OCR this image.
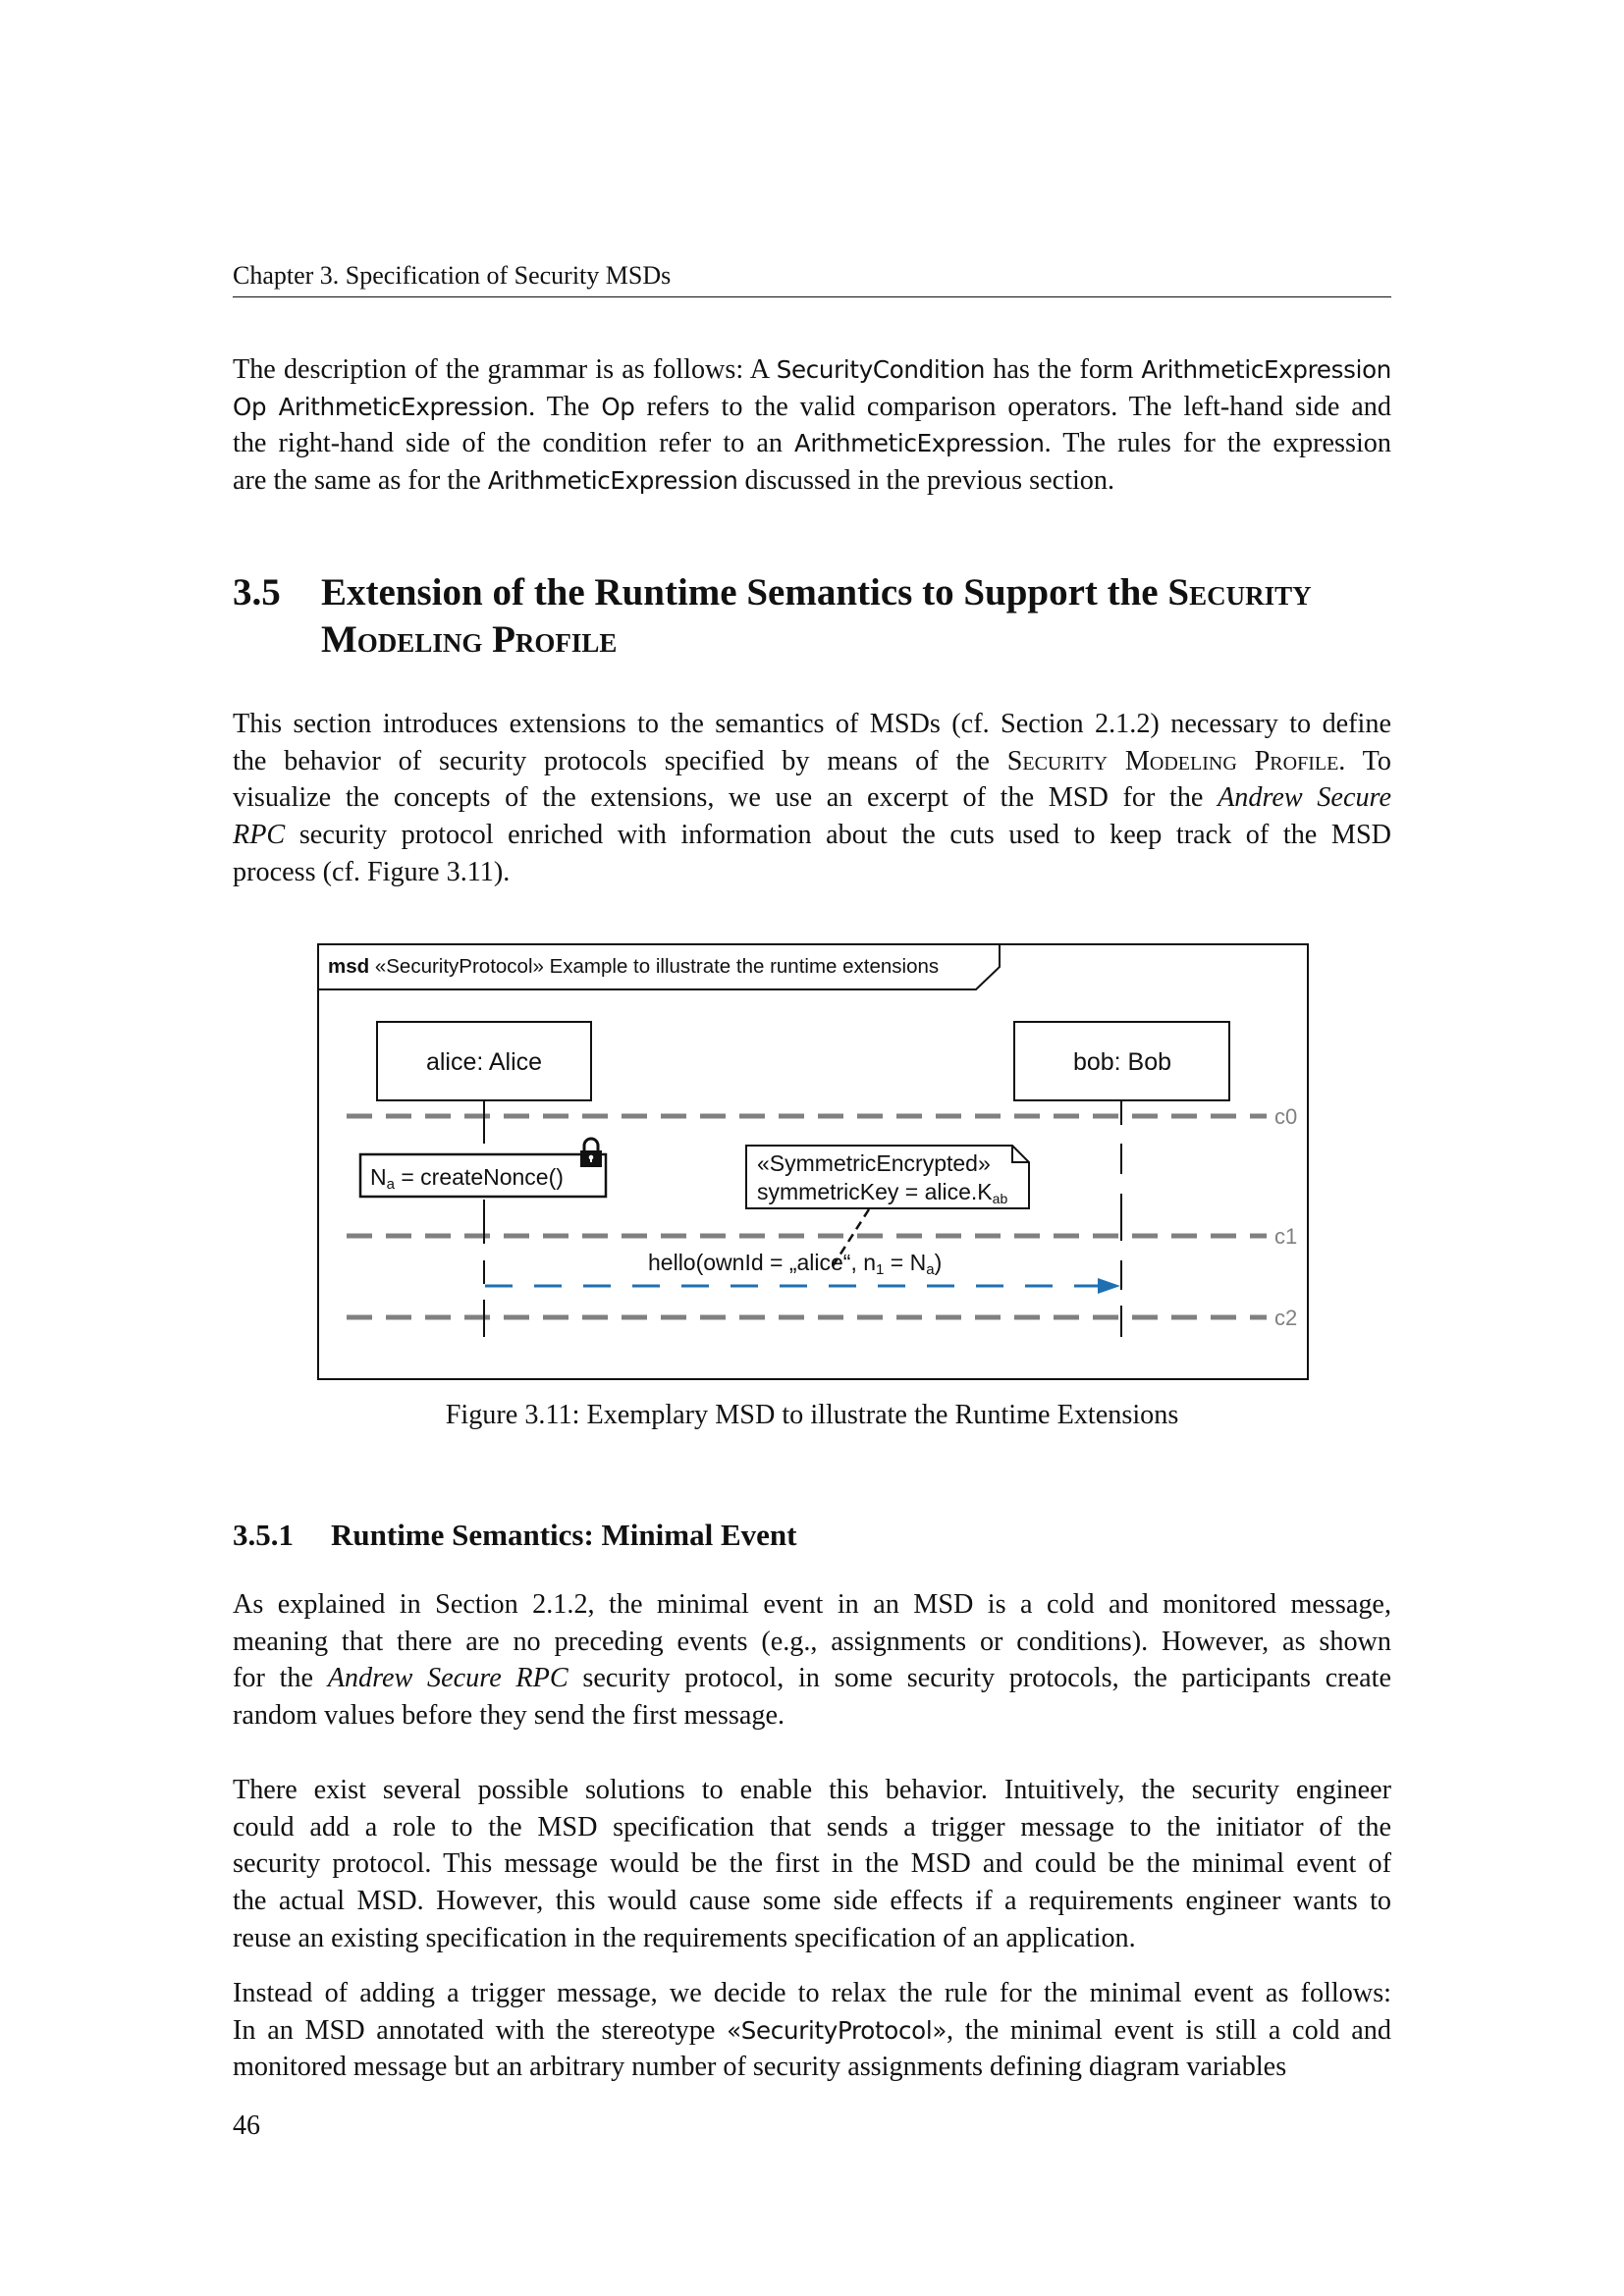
Chapter 3. Specification of Security MSDs
The description of the grammar is as follows: A SecurityCondition has the form ArithmeticExpression
Op ArithmeticExpression. The Op refers to the valid comparison operators. The left-hand side and
the right-hand side of the condition refer to an ArithmeticExpression. The rules for the expression
are the same as for the ArithmeticExpression discussed in the previous section.
3.5 Extension of the Runtime Semantics to Support the Security
Modeling Profile
This section introduces extensions to the semantics of MSDs (cf. Section 2.1.2) necessary to define
the behavior of security protocols specified by means of the Security Modeling Profile. To
visualize the concepts of the extensions, we use an excerpt of the MSD for the Andrew Secure
RPC security protocol enriched with information about the cuts used to keep track of the MSD
process (cf. Figure 3.11).
msd «SecurityProtocol» Example to illustrate the runtime extensions
c0
c1
c2
alice: Alice	bob: Bob
Na = createNonce()
«SymmetricEncrypted»
symmetricKey = alice.Kab
hello(ownId = „alice“, n1 = Na)
Figure 3.11: Exemplary MSD to illustrate the Runtime Extensions
3.5.1 Runtime Semantics: Minimal Event
As explained in Section 2.1.2, the minimal event in an MSD is a cold and monitored message,
meaning that there are no preceding events (e.g., assignments or conditions). However, as shown
for the Andrew Secure RPC security protocol, in some security protocols, the participants create
random values before they send the first message.
There exist several possible solutions to enable this behavior. Intuitively, the security engineer
could add a role to the MSD specification that sends a trigger message to the initiator of the
security protocol. This message would be the first in the MSD and could be the minimal event of
the actual MSD. However, this would cause some side effects if a requirements engineer wants to
reuse an existing specification in the requirements specification of an application.
Instead of adding a trigger message, we decide to relax the rule for the minimal event as follows:
In an MSD annotated with the stereotype «SecurityProtocol», the minimal event is still a cold and
monitored message but an arbitrary number of security assignments defining diagram variables
46
